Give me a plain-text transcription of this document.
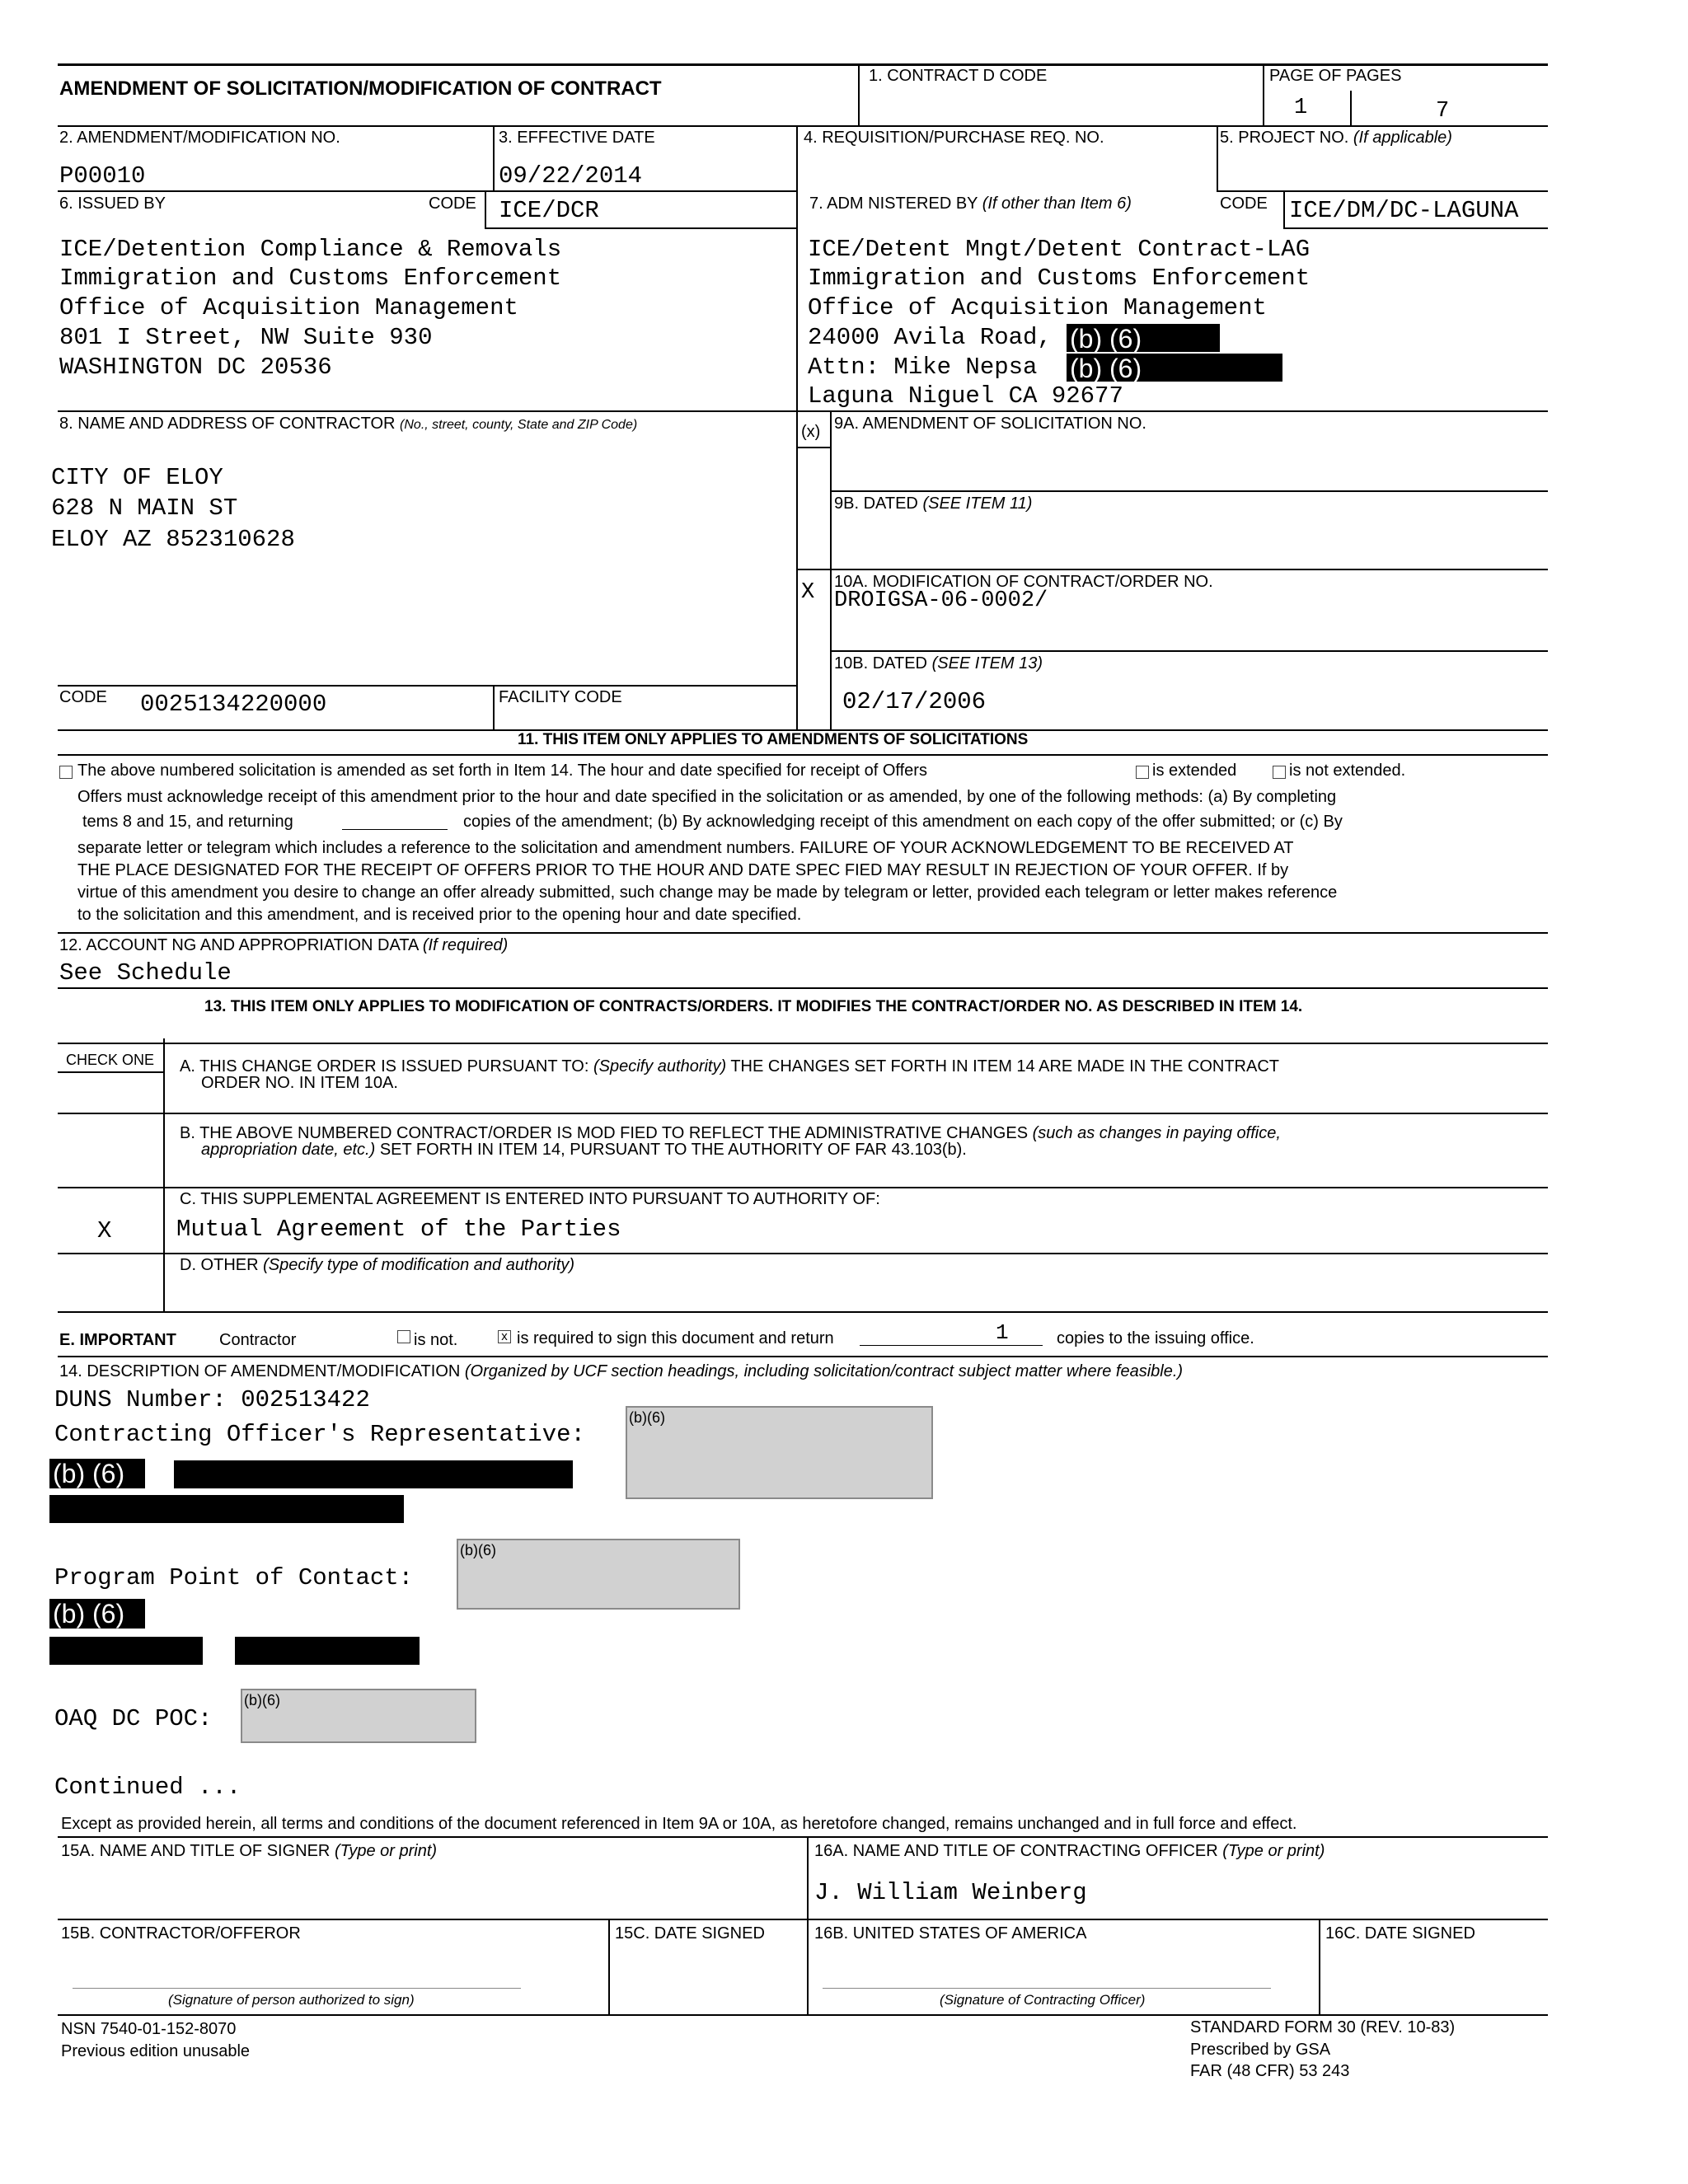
AMENDMENT OF SOLICITATION/MODIFICATION OF CONTRACT
1. CONTRACT D CODE	PAGE OF PAGES
1	7
2. AMENDMENT/MODIFICATION NO.
P00010
3. EFFECTIVE DATE
09/22/2014
4. REQUISITION/PURCHASE REQ. NO.	5. PROJECT NO. (If applicable)
6. ISSUED BY	CODE ICE/DCR	7. ADM NISTERED BY (If other than Item 6)	CODE ICE/DM/DC-LAGUNA
ICE/Detention Compliance & Removals
Immigration and Customs Enforcement
Office of Acquisition Management
801 I Street, NW Suite 930
WASHINGTON DC 20536
ICE/Detent Mngt/Detent Contract-LAG
Immigration and Customs Enforcement
Office of Acquisition Management
24000 Avila Road, (b) (6)
Attn: Mike Nepsa (b) (6)
Laguna Niguel CA 92677
8. NAME AND ADDRESS OF CONTRACTOR (No., street, county, State and ZIP Code)
CITY OF ELOY
628 N MAIN ST
ELOY AZ 852310628
(x) 9A. AMENDMENT OF SOLICITATION NO.
9B. DATED (SEE ITEM 11)
X 10A. MODIFICATION OF CONTRACT/ORDER NO.
DROIGSA-06-0002/
10B. DATED (SEE ITEM 13)
02/17/2006
CODE 0025134220000	FACILITY CODE
11. THIS ITEM ONLY APPLIES TO AMENDMENTS OF SOLICITATIONS
The above numbered solicitation is amended as set forth in Item 14. The hour and date specified for receipt of Offers	is extended	is not extended.
Offers must acknowledge receipt of this amendment prior to the hour and date specified in the solicitation or as amended, by one of the following methods: (a) By completing
tems 8 and 15, and returning	copies of the amendment; (b) By acknowledging receipt of this amendment on each copy of the offer submitted; or (c) By
separate letter or telegram which includes a reference to the solicitation and amendment numbers. FAILURE OF YOUR ACKNOWLEDGEMENT TO BE RECEIVED AT
THE PLACE DESIGNATED FOR THE RECEIPT OF OFFERS PRIOR TO THE HOUR AND DATE SPEC FIED MAY RESULT IN REJECTION OF YOUR OFFER. If by
virtue of this amendment you desire to change an offer already submitted, such change may be made by telegram or letter, provided each telegram or letter makes reference
to the solicitation and this amendment, and is received prior to the opening hour and date specified.
12. ACCOUNT NG AND APPROPRIATION DATA (If required)
See Schedule
13. THIS ITEM ONLY APPLIES TO MODIFICATION OF CONTRACTS/ORDERS. IT MODIFIES THE CONTRACT/ORDER NO. AS DESCRIBED IN ITEM 14.
CHECK ONE A. THIS CHANGE ORDER IS ISSUED PURSUANT TO: (Specify authority) THE CHANGES SET FORTH IN ITEM 14 ARE MADE IN THE CONTRACT
ORDER NO. IN ITEM 10A.
B. THE ABOVE NUMBERED CONTRACT/ORDER IS MOD FIED TO REFLECT THE ADMINISTRATIVE CHANGES (such as changes in paying office,
appropriation date, etc.) SET FORTH IN ITEM 14, PURSUANT TO THE AUTHORITY OF FAR 43.103(b).
C. THIS SUPPLEMENTAL AGREEMENT IS ENTERED INTO PURSUANT TO AUTHORITY OF:
X	Mutual Agreement of the Parties
D. OTHER (Specify type of modification and authority)
E. IMPORTANT	Contractor	is not.	x is required to sign this document and return	1	copies to the issuing office.
14. DESCRIPTION OF AMENDMENT/MODIFICATION (Organized by UCF section headings, including solicitation/contract subject matter where feasible.)
DUNS Number: 002513422
Contracting Officer's Representative:
(b)(6)
(b) (6)
Program Point of Contact:
(b)(6)
(b) (6)
OAQ DC POC:
(b)(6)
Continued ...
Except as provided herein, all terms and conditions of the document referenced in Item 9A or 10A, as heretofore changed, remains unchanged and in full force and effect.
15A. NAME AND TITLE OF SIGNER (Type or print)	16A. NAME AND TITLE OF CONTRACTING OFFICER (Type or print)
J. William Weinberg
15B. CONTRACTOR/OFFEROR	15C. DATE SIGNED	16B. UNITED STATES OF AMERICA	16C. DATE SIGNED
(Signature of person authorized to sign)	(Signature of Contracting Officer)
NSN 7540-01-152-8070
Previous edition unusable
STANDARD FORM 30 (REV. 10-83)
Prescribed by GSA
FAR (48 CFR) 53 243
